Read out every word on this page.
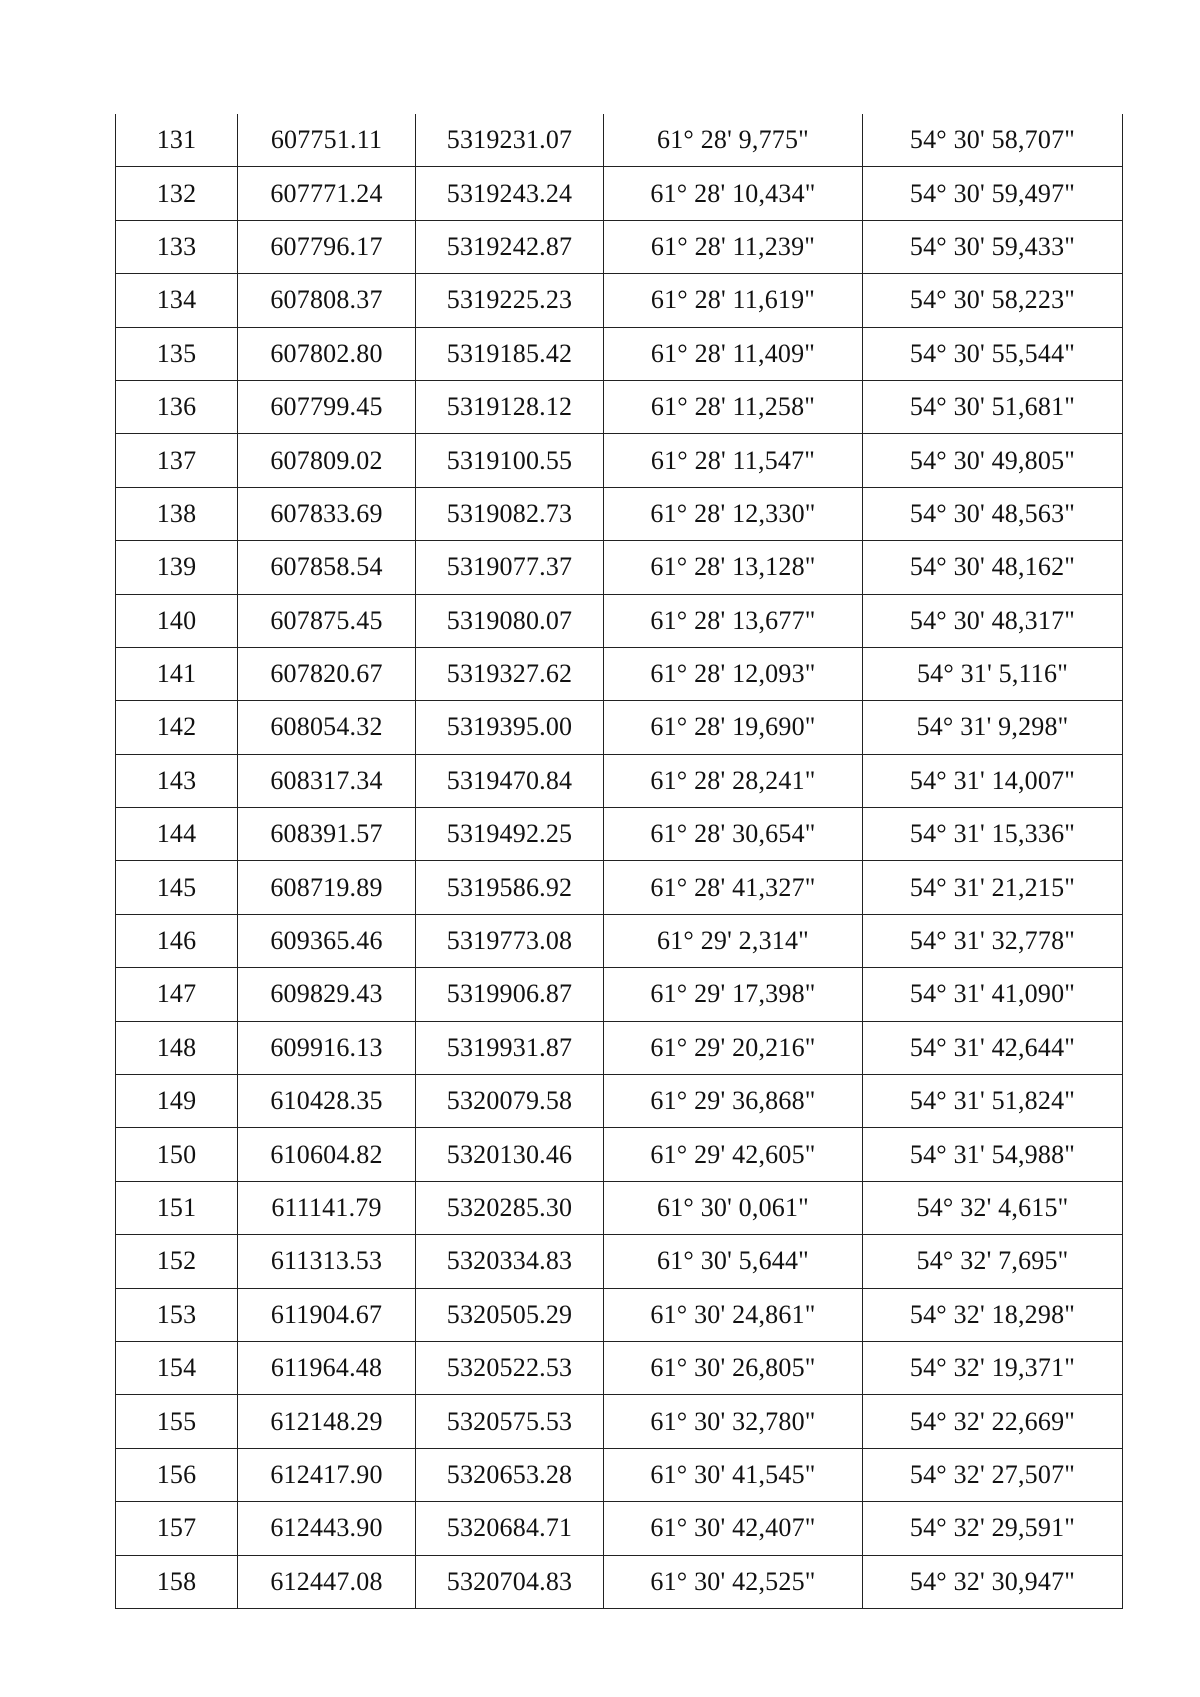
131	607751.11	5319231.07	61° 28' 9,775"	54° 30' 58,707"
132	607771.24	5319243.24	61° 28' 10,434"	54° 30' 59,497"
133	607796.17	5319242.87	61° 28' 11,239"	54° 30' 59,433"
134	607808.37	5319225.23	61° 28' 11,619"	54° 30' 58,223"
135	607802.80	5319185.42	61° 28' 11,409"	54° 30' 55,544"
136	607799.45	5319128.12	61° 28' 11,258"	54° 30' 51,681"
137	607809.02	5319100.55	61° 28' 11,547"	54° 30' 49,805"
138	607833.69	5319082.73	61° 28' 12,330"	54° 30' 48,563"
139	607858.54	5319077.37	61° 28' 13,128"	54° 30' 48,162"
140	607875.45	5319080.07	61° 28' 13,677"	54° 30' 48,317"
141	607820.67	5319327.62	61° 28' 12,093"	54° 31' 5,116"
142	608054.32	5319395.00	61° 28' 19,690"	54° 31' 9,298"
143	608317.34	5319470.84	61° 28' 28,241"	54° 31' 14,007"
144	608391.57	5319492.25	61° 28' 30,654"	54° 31' 15,336"
145	608719.89	5319586.92	61° 28' 41,327"	54° 31' 21,215"
146	609365.46	5319773.08	61° 29' 2,314"	54° 31' 32,778"
147	609829.43	5319906.87	61° 29' 17,398"	54° 31' 41,090"
148	609916.13	5319931.87	61° 29' 20,216"	54° 31' 42,644"
149	610428.35	5320079.58	61° 29' 36,868"	54° 31' 51,824"
150	610604.82	5320130.46	61° 29' 42,605"	54° 31' 54,988"
151	611141.79	5320285.30	61° 30' 0,061"	54° 32' 4,615"
152	611313.53	5320334.83	61° 30' 5,644"	54° 32' 7,695"
153	611904.67	5320505.29	61° 30' 24,861"	54° 32' 18,298"
154	611964.48	5320522.53	61° 30' 26,805"	54° 32' 19,371"
155	612148.29	5320575.53	61° 30' 32,780"	54° 32' 22,669"
156	612417.90	5320653.28	61° 30' 41,545"	54° 32' 27,507"
157	612443.90	5320684.71	61° 30' 42,407"	54° 32' 29,591"
158	612447.08	5320704.83	61° 30' 42,525"	54° 32' 30,947"
